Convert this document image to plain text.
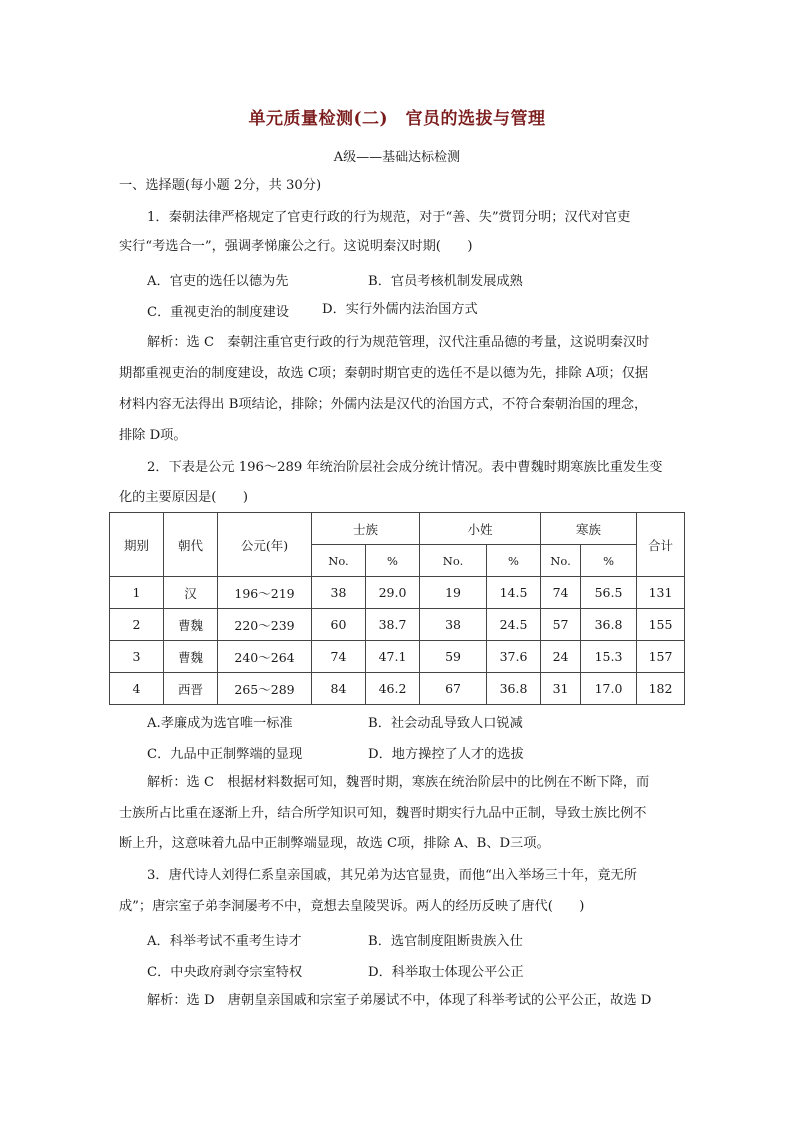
单元质量检测(二)　官员的选拔与管理
A级——基础达标检测
一、选择题(每小题 2分，共 30分)
1．秦朝法律严格规定了官吏行政的行为规范，对于“善、失”赏罚分明；汉代对官吏
实行“考选合一”，强调孝悌廉公之行。这说明秦汉时期(　　)
A．官吏的选任以德为先	B．官员考核机制发展成熟
C．重视吏治的制度建设	D．实行外儒内法治国方式
解析：选 C　秦朝注重官吏行政的行为规范管理，汉代注重品德的考量，这说明秦汉时
期都重视吏治的制度建设，故选 C项；秦朝时期官吏的选任不是以德为先，排除 A项；仅据
材料内容无法得出 B项结论，排除；外儒内法是汉代的治国方式，不符合秦朝治国的理念，
排除 D项。
2．下表是公元 196～289 年统治阶层社会成分统计情况。表中曹魏时期寒族比重发生变
化的主要原因是(　　)
期别	朝代	公元(年)	士族		小姓		寒族		合计
			No.	%	No.	%	No.	%	
1	汉	196～219	38	29.0	19	14.5	74	56.5	131
2	曹魏	220～239	60	38.7	38	24.5	57	36.8	155
3	曹魏	240～264	74	47.1	59	37.6	24	15.3	157
4	西晋	265～289	84	46.2	67	36.8	31	17.0	182
A.孝廉成为选官唯一标准	B．社会动乱导致人口锐减
C．九品中正制弊端的显现	D．地方操控了人才的选拔
解析：选 C　根据材料数据可知，魏晋时期，寒族在统治阶层中的比例在不断下降，而
士族所占比重在逐渐上升，结合所学知识可知，魏晋时期实行九品中正制，导致士族比例不
断上升，这意味着九品中正制弊端显现，故选 C项，排除 A、B、D三项。
3．唐代诗人刘得仁系皇亲国戚，其兄弟为达官显贵，而他“出入举场三十年，竟无所
成”；唐宗室子弟李洞屡考不中，竟想去皇陵哭诉。两人的经历反映了唐代(　　)
A．科举考试不重考生诗才	B．选官制度阻断贵族入仕
C．中央政府剥夺宗室特权	D．科举取士体现公平公正
解析：选 D　唐朝皇亲国戚和宗室子弟屡试不中，体现了科举考试的公平公正，故选 D
